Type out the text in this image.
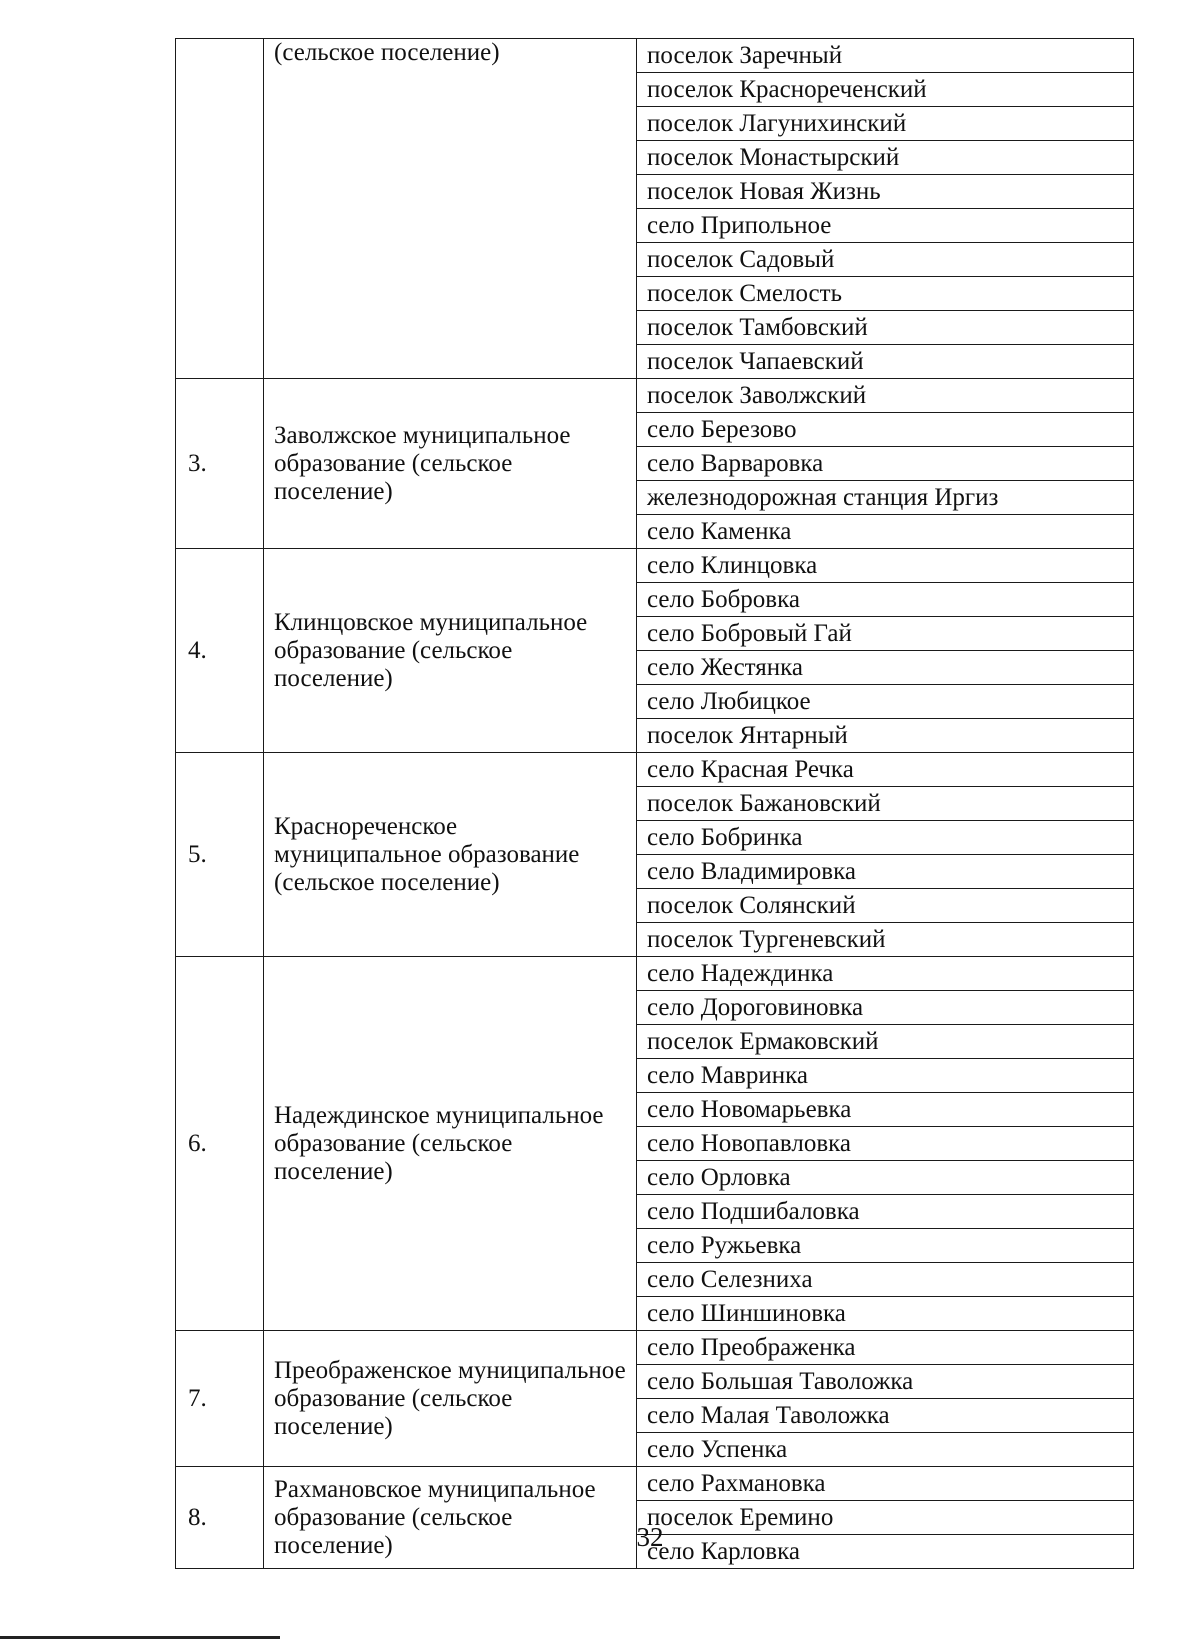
	(сельское поселение)	поселок Заречный
		поселок Краснореченский
		поселок Лагунихинский
		поселок Монастырский
		поселок Новая Жизнь
		село Припольное
		поселок Садовый
		поселок Смелость
		поселок Тамбовский
		поселок Чапаевский
3.	Заволжское муниципальное образование (сельское поселение)	поселок Заволжский
		село Березово
		село Варваровка
		железнодорожная станция Иргиз
		село Каменка
4.	Клинцовское муниципальное образование (сельское поселение)	село Клинцовка
		село Бобровка
		село Бобровый Гай
		село Жестянка
		село Любицкое
		поселок Янтарный
5.	Краснореченское муниципальное образование (сельское поселение)	село Красная Речка
		поселок Бажановский
		село Бобринка
		село Владимировка
		поселок Солянский
		поселок Тургеневский
6.	Надеждинское муниципальное образование (сельское поселение)	село Надеждинка
		село Дороговиновка
		поселок Ермаковский
		село Мавринка
		село Новомарьевка
		село Новопавловка
		село Орловка
		село Подшибаловка
		село Ружьевка
		село Селезниха
		село Шиншиновка
7.	Преображенское муниципальное образование (сельское поселение)	село Преображенка
		село Большая Таволожка
		село Малая Таволожка
		село Успенка
8.	Рахмановское муниципальное образование (сельское поселение)	село Рахмановка
		поселок Еремино
		село Карловка
32
